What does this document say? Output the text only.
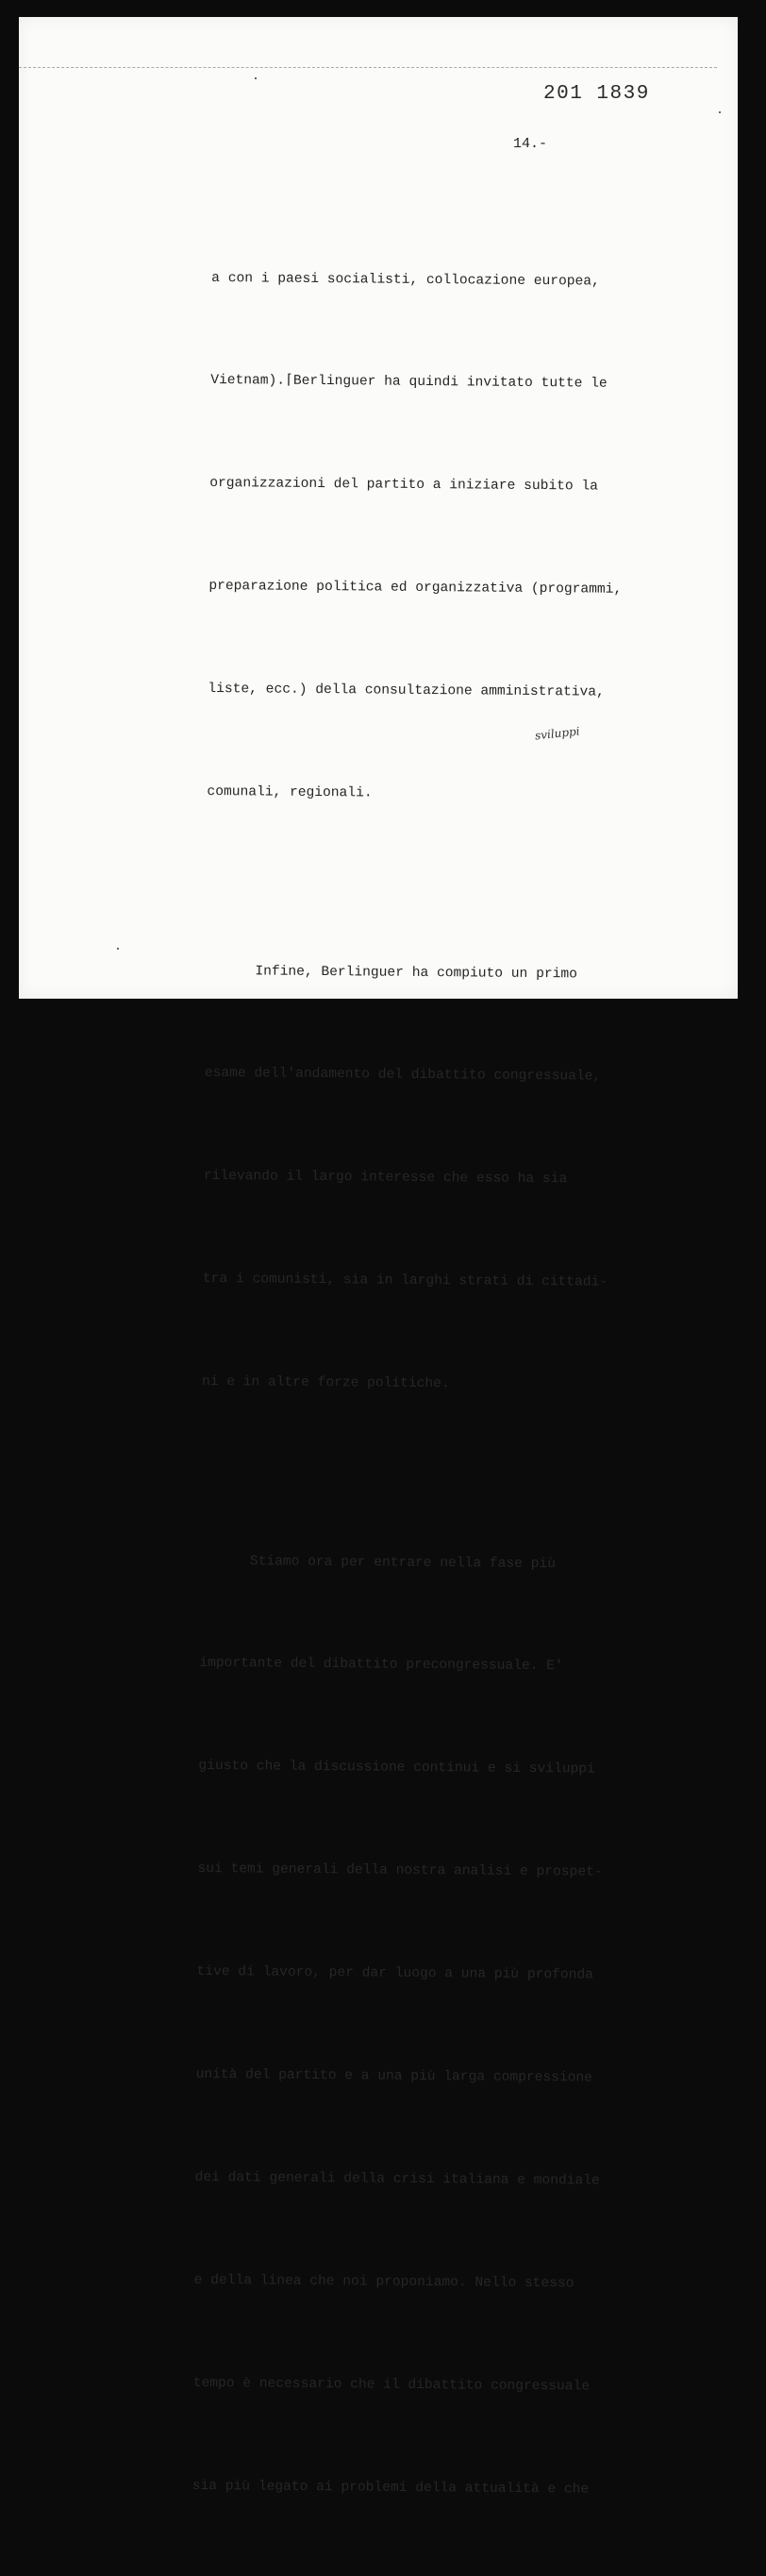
201 1839
14.-
sviluppi

a con i paesi socialisti, collocazione europea,

Vietnam).⌈Berlinguer ha quindi invitato tutte le

organizzazioni del partito a iniziare subito la

preparazione politica ed organizzativa (programmi,

liste, ecc.) della consultazione amministrativa,

comunali, regionali.

Infine, Berlinguer ha compiuto un primo

esame dell'andamento del dibattito congressuale,

rilevando il largo interesse che esso ha sia

tra i comunisti, sia in larghi strati di cittadi-

ni e in altre forze politiche.

Stiamo ora per entrare nella fase più

importante del dibattito precongressuale. E'

giusto che la discussione continui e si sviluppi

sui temi generali della nostra analisi e prospet-

tive di lavoro, per dar luogo a una più profonda

unità del partito e a una più larga compressione

dei dati generali della crisi italiana e mondiale

e della linea che noi proponiamo. Nello stesso

tempo è necessario che il dibattito congressuale

sia più legato ai problemi della attualità e che
